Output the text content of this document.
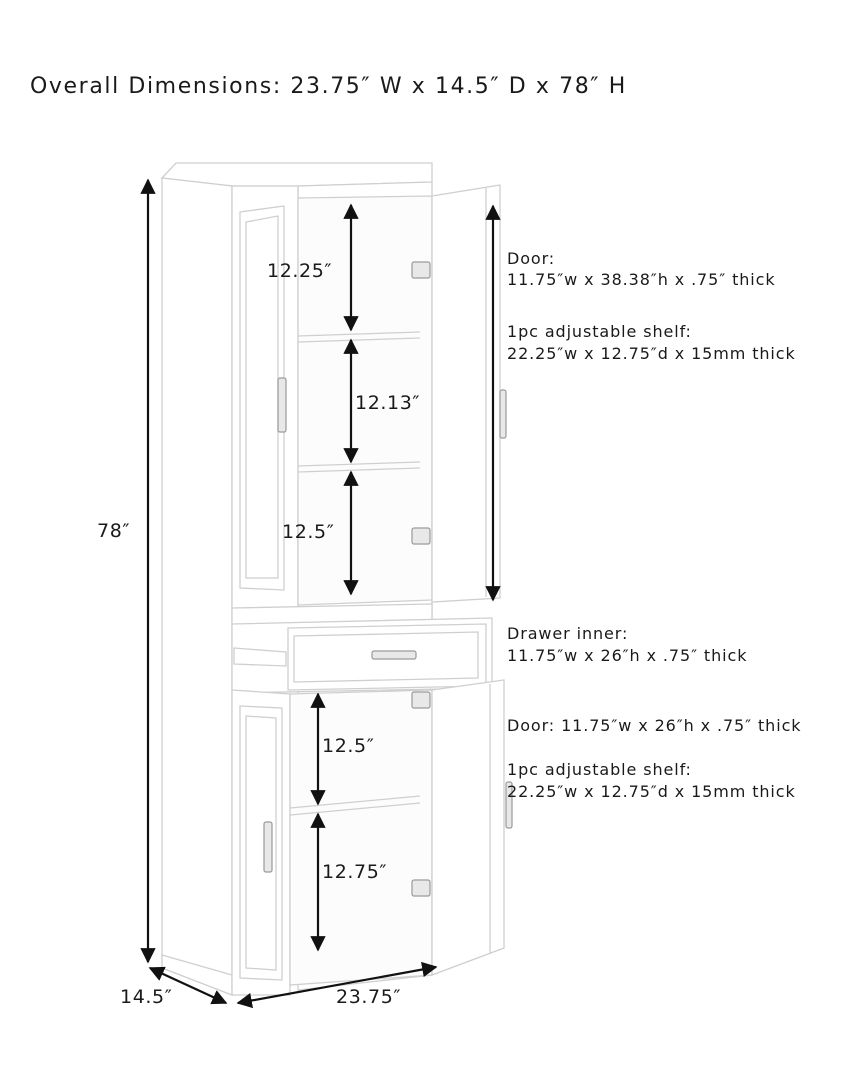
Overall Dimensions: 23.75″ W x 14.5″ D x 78″ H
78″
14.5″	23.75″
12.25″
12.13″
12.5″
12.5″
12.75″
Door:
11.75″w x 38.38″h x .75″ thick
1pc adjustable shelf:
22.25″w x 12.75″d x 15mm thick
Drawer inner:
11.75″w x 26″h x .75″ thick
Door: 11.75″w x 26″h x .75″ thick
1pc adjustable shelf:
22.25″w x 12.75″d x 15mm thick
